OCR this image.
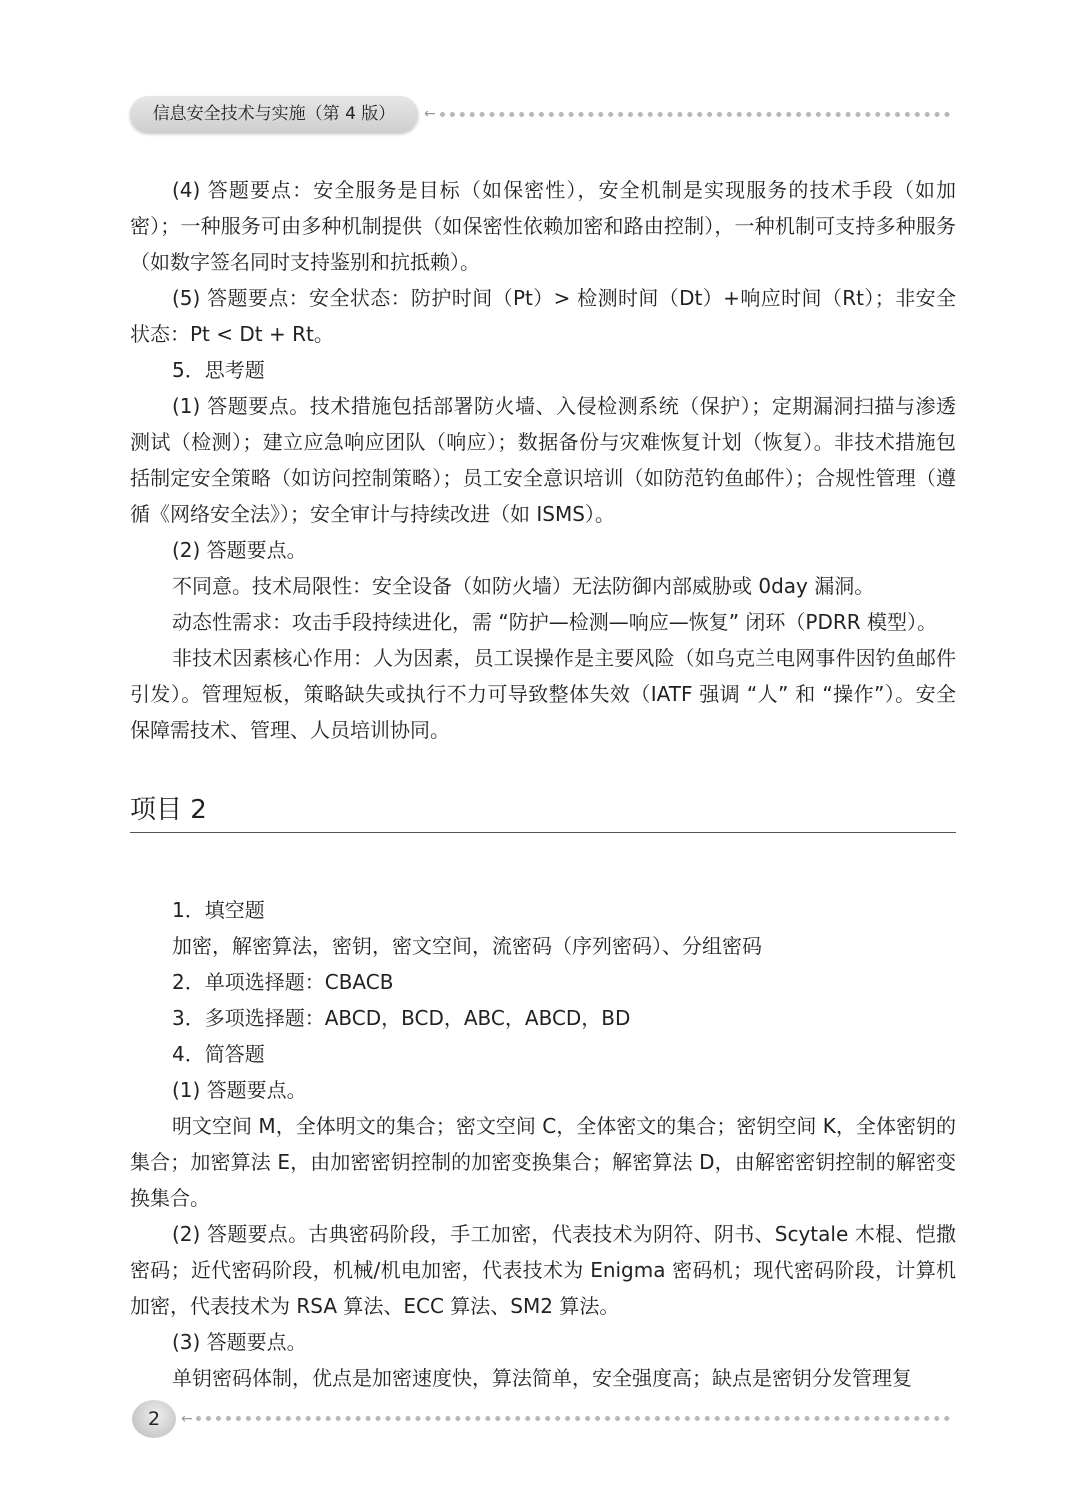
信息安全技术与实施（第 4 版）	←

(4) 答题要点：安全服务是目标（如保密性），安全机制是实现服务的技术手段（如加密）；一种服务可由多种机制提供（如保密性依赖加密和路由控制），一种机制可支持多种服务（如数字签名同时支持鉴别和抗抵赖）。

(5) 答题要点：安全状态：防护时间（Pt）> 检测时间（Dt）+响应时间（Rt）；非安全状态：Pt < Dt + Rt。

5．思考题

(1) 答题要点。技术措施包括部署防火墙、入侵检测系统（保护）；定期漏洞扫描与渗透测试（检测）；建立应急响应团队（响应）；数据备份与灾难恢复计划（恢复）。非技术措施包括制定安全策略（如访问控制策略）；员工安全意识培训（如防范钓鱼邮件）；合规性管理（遵循《网络安全法》）；安全审计与持续改进（如 ISMS）。

(2) 答题要点。

不同意。技术局限性：安全设备（如防火墙）无法防御内部威胁或 0day 漏洞。

动态性需求：攻击手段持续进化，需 “防护—检测—响应—恢复” 闭环（PDRR 模型）。

非技术因素核心作用：人为因素，员工误操作是主要风险（如乌克兰电网事件因钓鱼邮件引发）。管理短板，策略缺失或执行不力可导致整体失效（IATF 强调 “人” 和 “操作”）。安全保障需技术、管理、人员培训协同。

项目 2

1．填空题

加密，解密算法，密钥，密文空间，流密码（序列密码）、分组密码

2．单项选择题：CBACB

3．多项选择题：ABCD，BCD，ABC，ABCD，BD

4．简答题

(1) 答题要点。

明文空间 M，全体明文的集合；密文空间 C，全体密文的集合；密钥空间 K，全体密钥的集合；加密算法 E，由加密密钥控制的加密变换集合；解密算法 D，由解密密钥控制的解密变换集合。

(2) 答题要点。古典密码阶段，手工加密，代表技术为阴符、阴书、Scytale 木棍、恺撒密码；近代密码阶段，机械/机电加密，代表技术为 Enigma 密码机；现代密码阶段，计算机加密，代表技术为 RSA 算法、ECC 算法、SM2 算法。

(3) 答题要点。

单钥密码体制，优点是加密速度快，算法简单，安全强度高；缺点是密钥分发管理复

2	←
